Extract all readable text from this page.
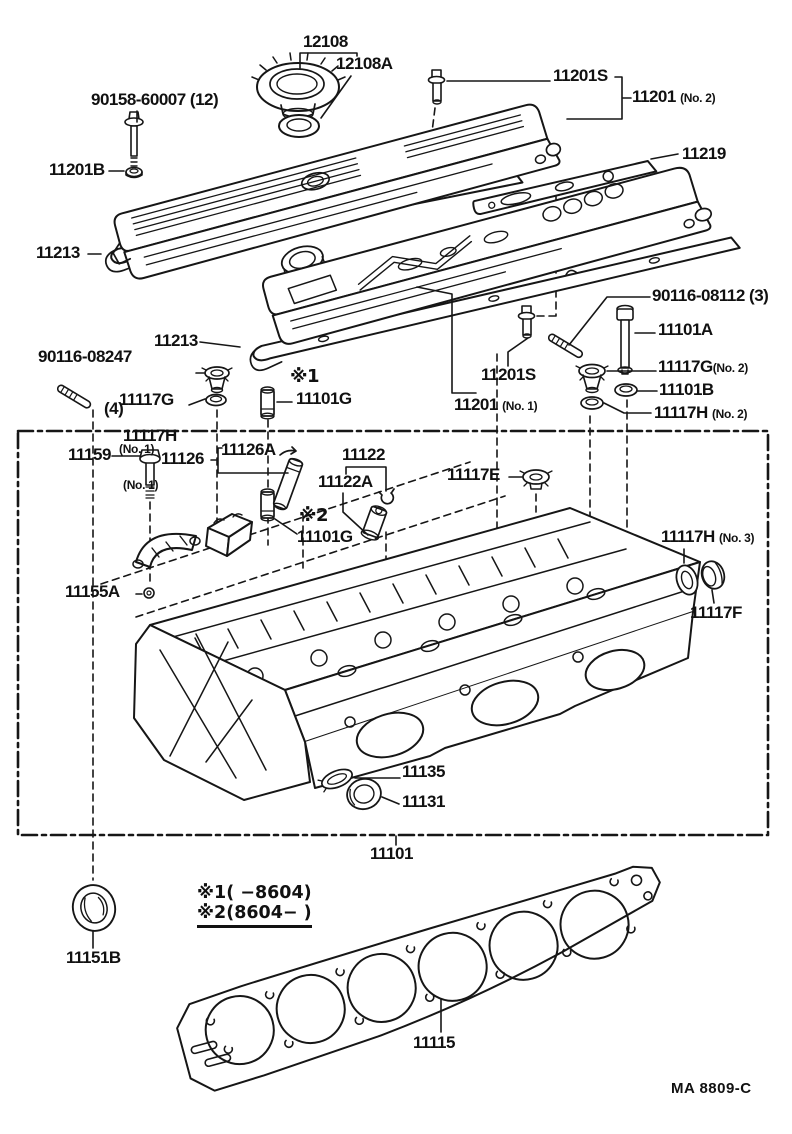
12108
12108A
90158-60007 (12)
11201B
11201S
11201 (No. 2)
11219
11213
90116-08112 (3)

90116-08247

(4)

11101A
11213

11117G

(No. 1)

※1
11101G

11117H

(No. 1)

11201S
11201 (No. 1)
11117G(No. 2)
11101B
11117H (No. 2)
11159	11126 11126A	11122
11122A	11117E
※2
11101G	11117H (No. 3)
11155A
11117F
11135
11131
11101
11151B
※1( −8604)
※2(8604− )
11115
MA 8809-C
